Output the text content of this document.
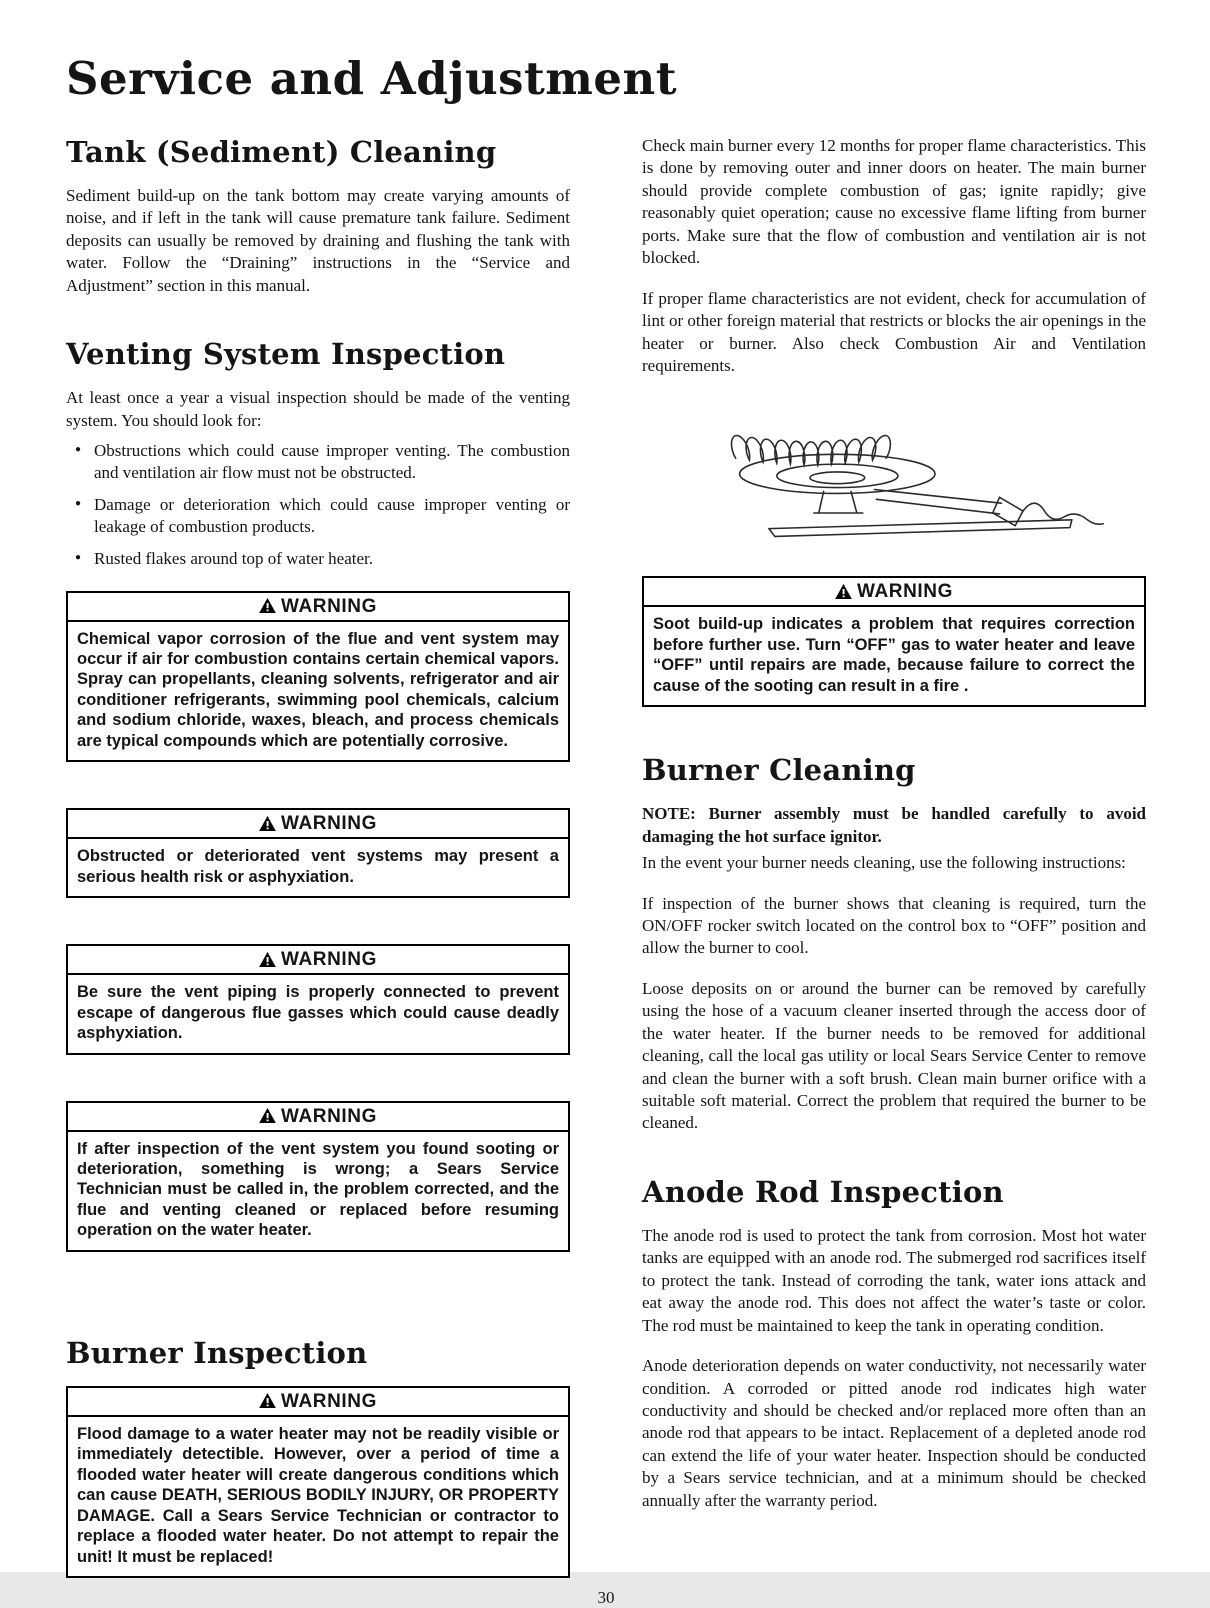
Service and Adjustment
Tank (Sediment) Cleaning

Sediment build-up on the tank bottom may create varying amounts of noise, and if left in the tank will cause premature tank failure. Sediment deposits can usually be removed by draining and flushing the tank with water. Follow the “Draining” instructions in the “Service and Adjustment” section in this manual.

Venting System Inspection

At least once a year a visual inspection should be made of the venting system. You should look for:

● Obstructions which could cause improper venting. The combustion and ventilation air flow must not be obstructed.
● Damage or deterioration which could cause improper venting or leakage of combustion products.
● Rusted flakes around top of water heater.
WARNING
Chemical vapor corrosion of the flue and vent system may occur if air for combustion contains certain chemical vapors. Spray can propellants, cleaning solvents, refrigerator and air conditioner refrigerants, swimming pool chemicals, calcium and sodium chloride, waxes, bleach, and process chemicals are typical compounds which are potentially corrosive.
WARNING
Obstructed or deteriorated vent systems may present a serious health risk or asphyxiation.
WARNING
Be sure the vent piping is properly connected to prevent escape of dangerous flue gasses which could cause deadly asphyxiation.
WARNING
If after inspection of the vent system you found sooting or deterioration, something is wrong; a Sears Service Technician must be called in, the problem corrected, and the flue and venting cleaned or replaced before resuming operation on the water heater.
Burner Inspection
WARNING
Flood damage to a water heater may not be readily visible or immediately detectible. However, over a period of time a flooded water heater will create dangerous conditions which can cause DEATH, SERIOUS BODILY INJURY, OR PROPERTY DAMAGE. Call a Sears Service Technician or contractor to replace a flooded water heater. Do not attempt to repair the unit! It must be replaced!

Check main burner every 12 months for proper flame characteristics. This is done by removing outer and inner doors on heater. The main burner should provide complete combustion of gas; ignite rapidly; give reasonably quiet operation; cause no excessive flame lifting from burner ports. Make sure that the flow of combustion and ventilation air is not blocked.

If proper flame characteristics are not evident, check for accumulation of lint or other foreign material that restricts or blocks the air openings in the heater or burner. Also check Combustion Air and Ventilation requirements.

WARNING
Soot build-up indicates a problem that requires correction before further use. Turn “OFF” gas to water heater and leave “OFF” until repairs are made, because failure to correct the cause of the sooting can result in a fire .
Burner Cleaning

NOTE: Burner assembly must be handled carefully to avoid damaging the hot surface ignitor.

In the event your burner needs cleaning, use the following instructions:

If inspection of the burner shows that cleaning is required, turn the ON/OFF rocker switch located on the control box to “OFF” position and allow the burner to cool.

Loose deposits on or around the burner can be removed by carefully using the hose of a vacuum cleaner inserted through the access door of the water heater. If the burner needs to be removed for additional cleaning, call the local gas utility or local Sears Service Center to remove and clean the burner with a soft brush. Clean main burner orifice with a suitable soft material. Correct the problem that required the burner to be cleaned.

Anode Rod Inspection

The anode rod is used to protect the tank from corrosion. Most hot water tanks are equipped with an anode rod. The submerged rod sacrifices itself to protect the tank. Instead of corroding the tank, water ions attack and eat away the anode rod. This does not affect the water’s taste or color. The rod must be maintained to keep the tank in operating condition.

Anode deterioration depends on water conductivity, not necessarily water condition. A corroded or pitted anode rod indicates high water conductivity and should be checked and/or replaced more often than an anode rod that appears to be intact. Replacement of a depleted anode rod can extend the life of your water heater. Inspection should be conducted by a Sears service technician, and at a minimum should be checked annually after the warranty period.

30
